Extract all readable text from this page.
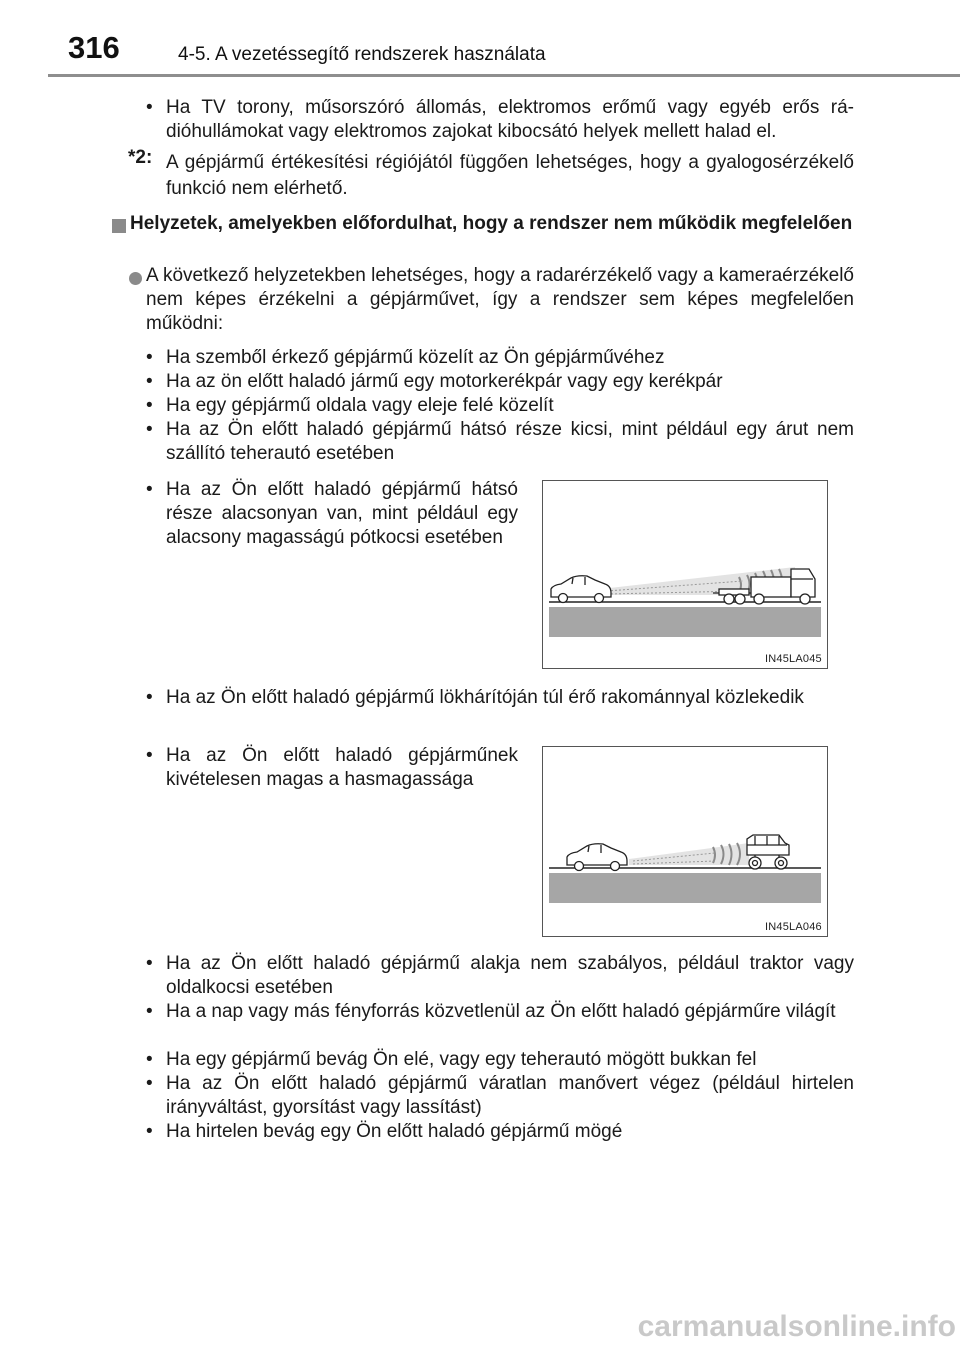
316	4-5. A vezetéssegítő rendszerek használata
• Ha TV torony, műsorszóró állomás, elektromos erőmű vagy egyéb erős rádióhullámokat vagy elektromos zajokat kibocsátó helyek mellett halad el.
*2: A gépjármű értékesítési régiójától függően lehetséges, hogy a gyalogosérzékelő funkció nem elérhető.
Helyzetek, amelyekben előfordulhat, hogy a rendszer nem működik megfelelően
A következő helyzetekben lehetséges, hogy a radarérzékelő vagy a kameraérzékelő nem képes érzékelni a gépjárművet, így a rendszer sem képes megfelelően működni:
• Ha szemből érkező gépjármű közelít az Ön gépjárművéhez
• Ha az ön előtt haladó jármű egy motorkerékpár vagy egy kerékpár
• Ha egy gépjármű oldala vagy eleje felé közelít
• Ha az Ön előtt haladó gépjármű hátsó része kicsi, mint például egy árut nem szállító teherautó esetében
• Ha az Ön előtt haladó gépjármű hátsó része alacsonyan van, mint például egy alacsony magasságú pótkocsi esetében
IN45LA045
• Ha az Ön előtt haladó gépjármű lökhárítóján túl érő rakománnyal közlekedik
• Ha az Ön előtt haladó gépjárműnek kivételesen magas a hasmagassága
IN45LA046
• Ha az Ön előtt haladó gépjármű alakja nem szabályos, például traktor vagy oldalkocsi esetében
• Ha a nap vagy más fényforrás közvetlenül az Ön előtt haladó gépjárműre világít
• Ha egy gépjármű bevág Ön elé, vagy egy teherautó mögött bukkan fel
• Ha az Ön előtt haladó gépjármű váratlan manővert végez (például hirtelen irányváltást, gyorsítást vagy lassítást)
• Ha hirtelen bevág egy Ön előtt haladó gépjármű mögé
carmanualsonline.info
